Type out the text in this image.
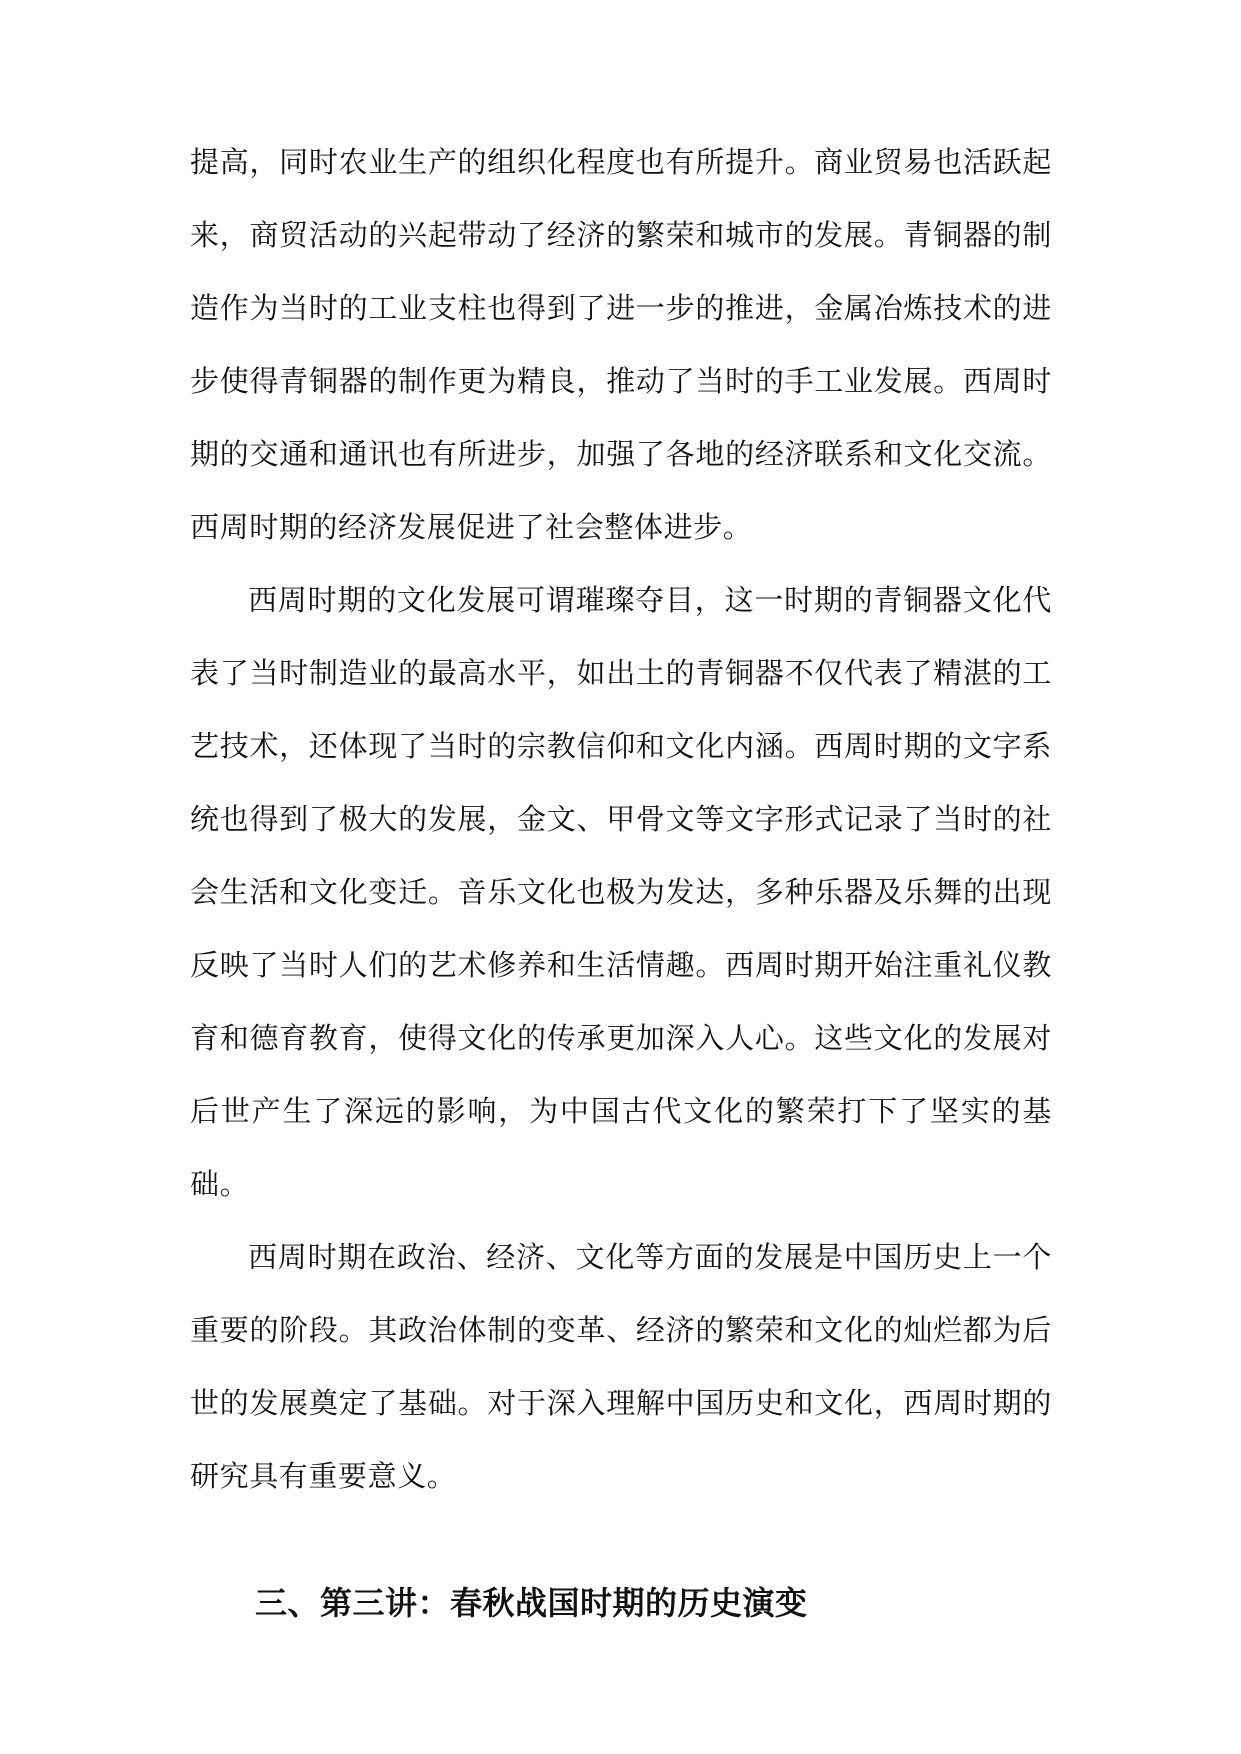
提高，同时农业生产的组织化程度也有所提升。商业贸易也活跃起来，商贸活动的兴起带动了经济的繁荣和城市的发展。青铜器的制造作为当时的工业支柱也得到了进一步的推进，金属冶炼技术的进步使得青铜器的制作更为精良，推动了当时的手工业发展。西周时期的交通和通讯也有所进步，加强了各地的经济联系和文化交流。西周时期的经济发展促进了社会整体进步。

西周时期的文化发展可谓璀璨夺目，这一时期的青铜器文化代表了当时制造业的最高水平，如出土的青铜器不仅代表了精湛的工艺技术，还体现了当时的宗教信仰和文化内涵。西周时期的文字系统也得到了极大的发展，金文、甲骨文等文字形式记录了当时的社会生活和文化变迁。音乐文化也极为发达，多种乐器及乐舞的出现反映了当时人们的艺术修养和生活情趣。西周时期开始注重礼仪教育和德育教育，使得文化的传承更加深入人心。这些文化的发展对后世产生了深远的影响，为中国古代文化的繁荣打下了坚实的基础。

西周时期在政治、经济、文化等方面的发展是中国历史上一个重要的阶段。其政治体制的变革、经济的繁荣和文化的灿烂都为后世的发展奠定了基础。对于深入理解中国历史和文化，西周时期的研究具有重要意义。

三、第三讲：春秋战国时期的历史演变
